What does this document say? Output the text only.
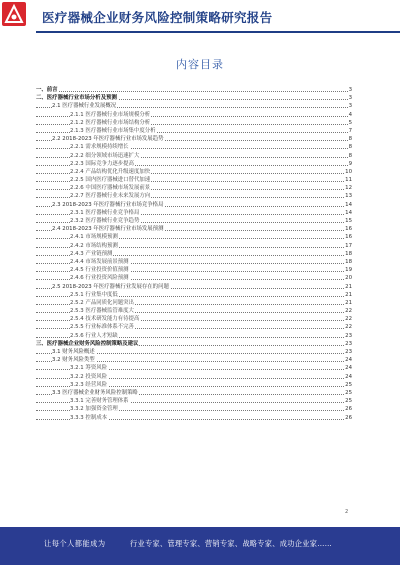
医疗器械企业财务风险控制策略研究报告
内容目录
一、前言	3
二、医疗器械行业市场分析及预测	3
2.1 医疗器械行业发展概况	3
2.1.1 医疗器械行业市场规模分析	4
2.1.2 医疗器械行业市场结构分析	5
2.1.3 医疗器械行业市场集中度分析	7
2.2 2018-2023 年医疗器械行业市场发展趋势	8
2.2.1 需求规模持续增长	8
2.2.2 细分领域市场迅速扩大	8
2.2.3 国际竞争力逐步提高	9
2.2.4 产品结构优化升级速度加快	10
2.2.5 国内医疗器械进口替代加速	11
2.2.6 中国医疗器械市场发展前景	12
2.2.7 医疗器械行业未来发展方向	13
2.3 2018-2023 年医疗器械行业市场竞争格局	14
2.3.1 医疗器械行业竞争格局	14
2.3.2 医疗器械行业竞争趋势	15
2.4 2018-2023 年医疗器械行业市场发展预测	16
2.4.1 市场规模预测	16
2.4.2 市场结构预测	17
2.4.3 产业链预测	18
2.4.4 市场发展前景预测	18
2.4.5 行业投资价值预测	19
2.4.6 行业投资风险预测	20
2.5 2018-2023 年医疗器械行业发展存在的问题	21
2.5.1 行业集中度低	21
2.5.2 产品同质化问题突出	21
2.5.3 医疗器械监管难度大	22
2.5.4 技术研发能力有待提高	22
2.5.5 行业标准体系不完善	22
2.5.6 行业人才短缺	23
三、医疗器械企业财务风险控制策略及建议	23
3.1 财务风险概述	23
3.2 财务风险类型	24
3.2.1 筹资风险	24
3.2.2 投资风险	24
3.2.3 经营风险	25
3.3 医疗器械企业财务风险控制策略	25
3.3.1 完善财务管理体系	25
3.3.2 加强资金管理	26
3.3.3 控制成本	26
2
让每个人都能成为	行业专家、管理专家、营销专家、战略专家、成功企业家……
